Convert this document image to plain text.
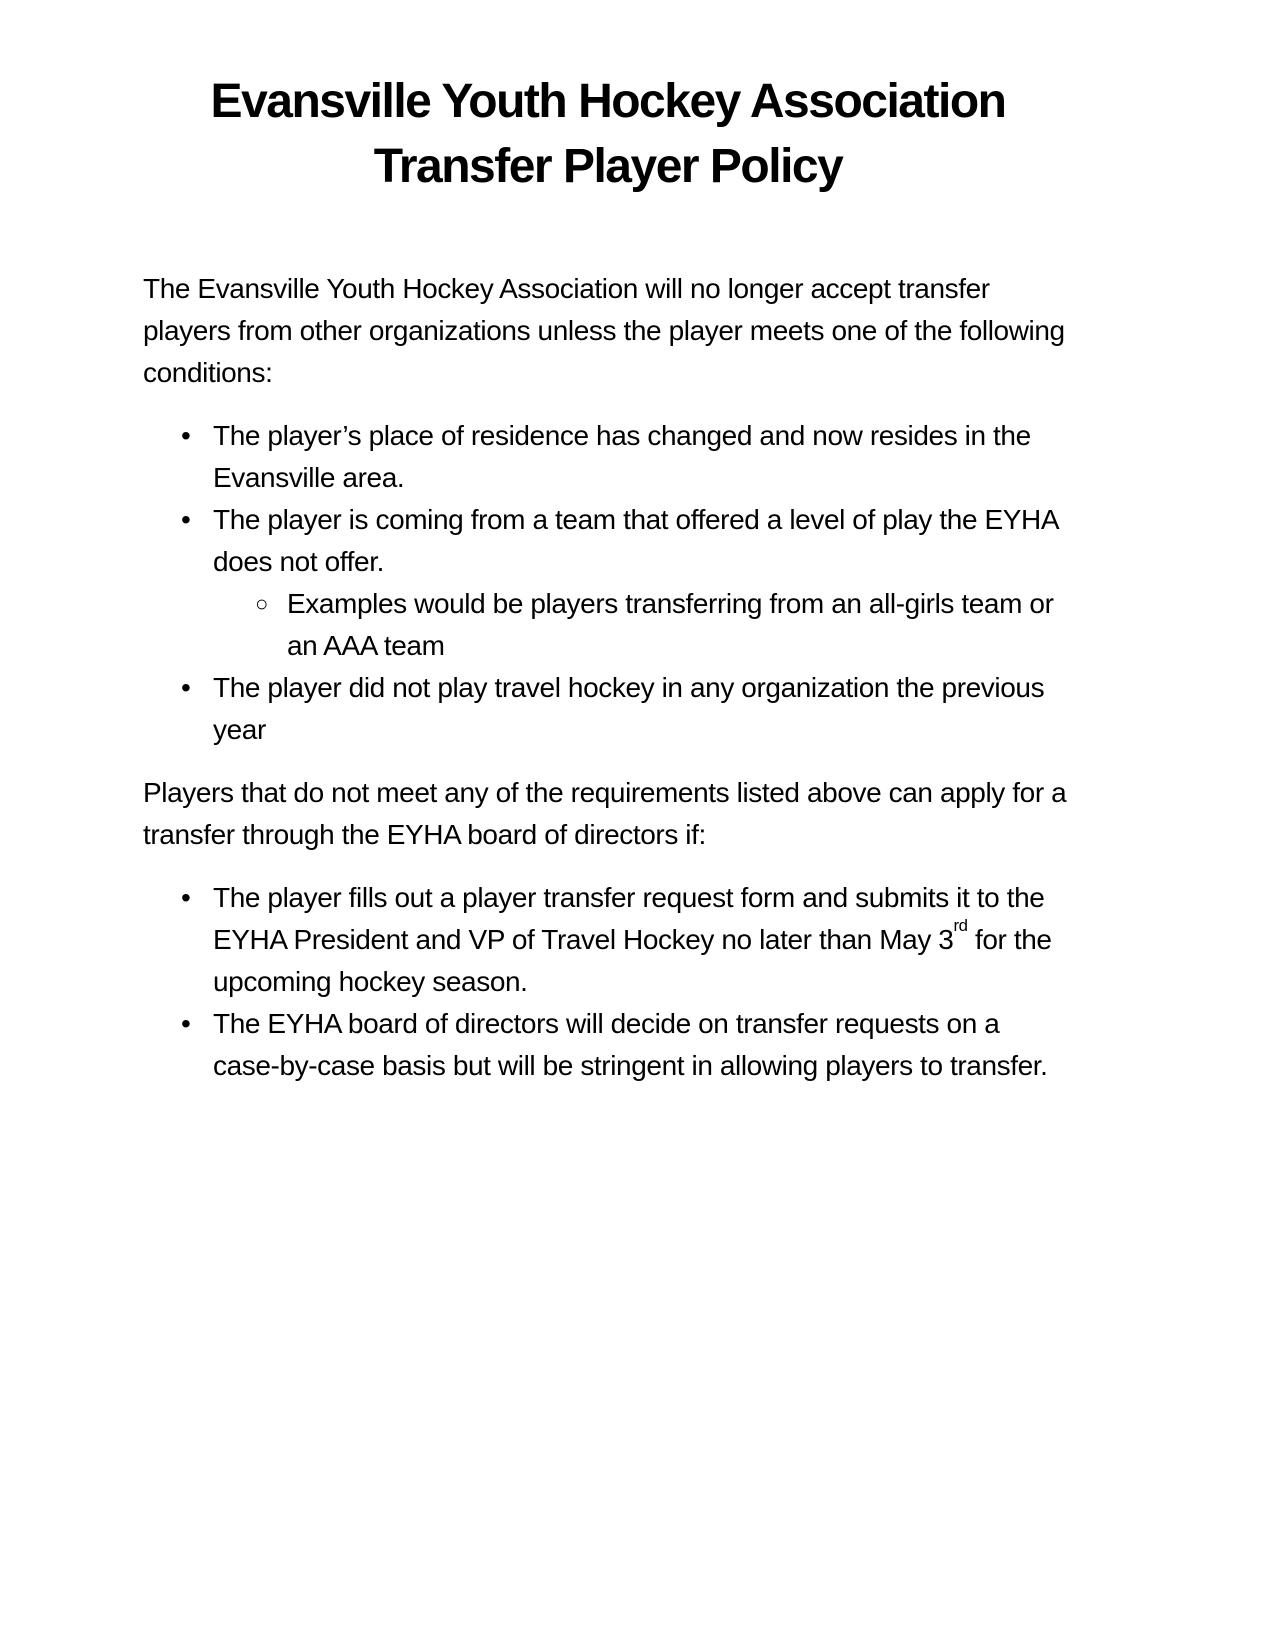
Evansville Youth Hockey Association
Transfer Player Policy

The Evansville Youth Hockey Association will no longer accept transfer players from other organizations unless the player meets one of the following conditions:

• The player’s place of residence has changed and now resides in the Evansville area.
• The player is coming from a team that offered a level of play the EYHA does not offer.
○ Examples would be players transferring from an all-girls team or an AAA team
• The player did not play travel hockey in any organization the previous year

Players that do not meet any of the requirements listed above can apply for a transfer through the EYHA board of directors if:

• The player fills out a player transfer request form and submits it to the EYHA President and VP of Travel Hockey no later than May 3rd for the upcoming hockey season.
• The EYHA board of directors will decide on transfer requests on a case-by-case basis but will be stringent in allowing players to transfer.
